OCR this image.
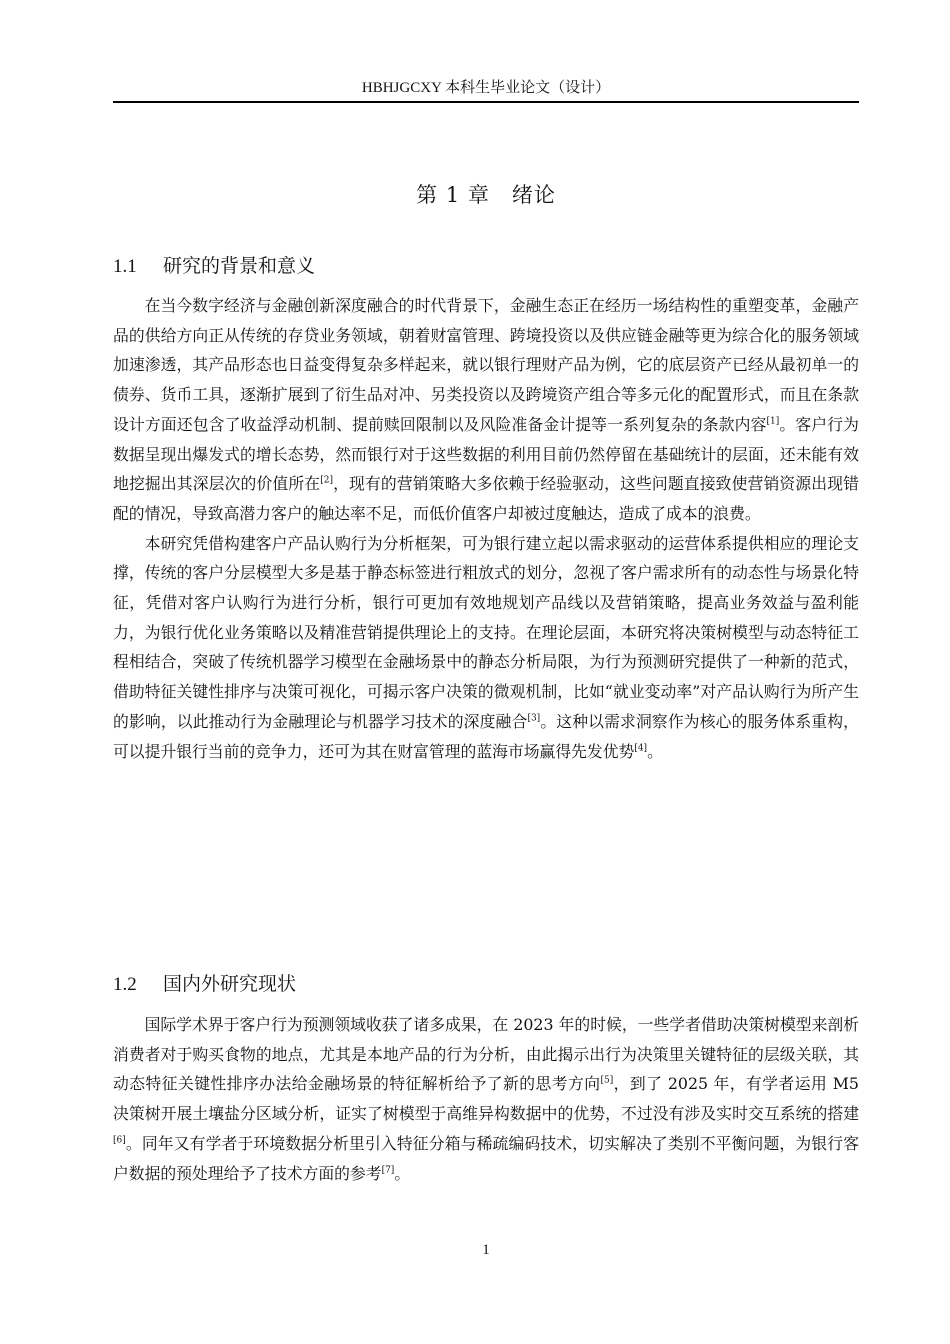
HBHJGCXY 本科生毕业论文（设计）
第 1 章　绪论
1.1 研究的背景和意义

在当今数字经济与金融创新深度融合的时代背景下，金融生态正在经历一场结构性的重塑变革，金融产品的供给方向正从传统的存贷业务领域，朝着财富管理、跨境投资以及供应链金融等更为综合化的服务领域加速渗透，其产品形态也日益变得复杂多样起来，就以银行理财产品为例，它的底层资产已经从最初单一的债券、货币工具，逐渐扩展到了衍生品对冲、另类投资以及跨境资产组合等多元化的配置形式，而且在条款设计方面还包含了收益浮动机制、提前赎回限制以及风险准备金计提等一系列复杂的条款内容[1]。客户行为数据呈现出爆发式的增长态势，然而银行对于这些数据的利用目前仍然停留在基础统计的层面，还未能有效地挖掘出其深层次的价值所在[2]，现有的营销策略大多依赖于经验驱动，这些问题直接致使营销资源出现错配的情况，导致高潜力客户的触达率不足，而低价值客户却被过度触达，造成了成本的浪费。

本研究凭借构建客户产品认购行为分析框架，可为银行建立起以需求驱动的运营体系提供相应的理论支撑，传统的客户分层模型大多是基于静态标签进行粗放式的划分，忽视了客户需求所有的动态性与场景化特征，凭借对客户认购行为进行分析，银行可更加有效地规划产品线以及营销策略，提高业务效益与盈利能力，为银行优化业务策略以及精准营销提供理论上的支持。在理论层面，本研究将决策树模型与动态特征工程相结合，突破了传统机器学习模型在金融场景中的静态分析局限，为行为预测研究提供了一种新的范式，借助特征关键性排序与决策可视化，可揭示客户决策的微观机制，比如“就业变动率”对产品认购行为所产生的影响，以此推动行为金融理论与机器学习技术的深度融合[3]。这种以需求洞察作为核心的服务体系重构，可以提升银行当前的竞争力，还可为其在财富管理的蓝海市场赢得先发优势[4]。

1.2 国内外研究现状

国际学术界于客户行为预测领域收获了诸多成果，在 2023 年的时候，一些学者借助决策树模型来剖析消费者对于购买食物的地点，尤其是本地产品的行为分析，由此揭示出行为决策里关键特征的层级关联，其动态特征关键性排序办法给金融场景的特征解析给予了新的思考方向[5]，到了 2025 年，有学者运用 M5 决策树开展土壤盐分区域分析，证实了树模型于高维异构数据中的优势，不过没有涉及实时交互系统的搭建[6]。同年又有学者于环境数据分析里引入特征分箱与稀疏编码技术，切实解决了类别不平衡问题，为银行客户数据的预处理给予了技术方面的参考[7]。

1
